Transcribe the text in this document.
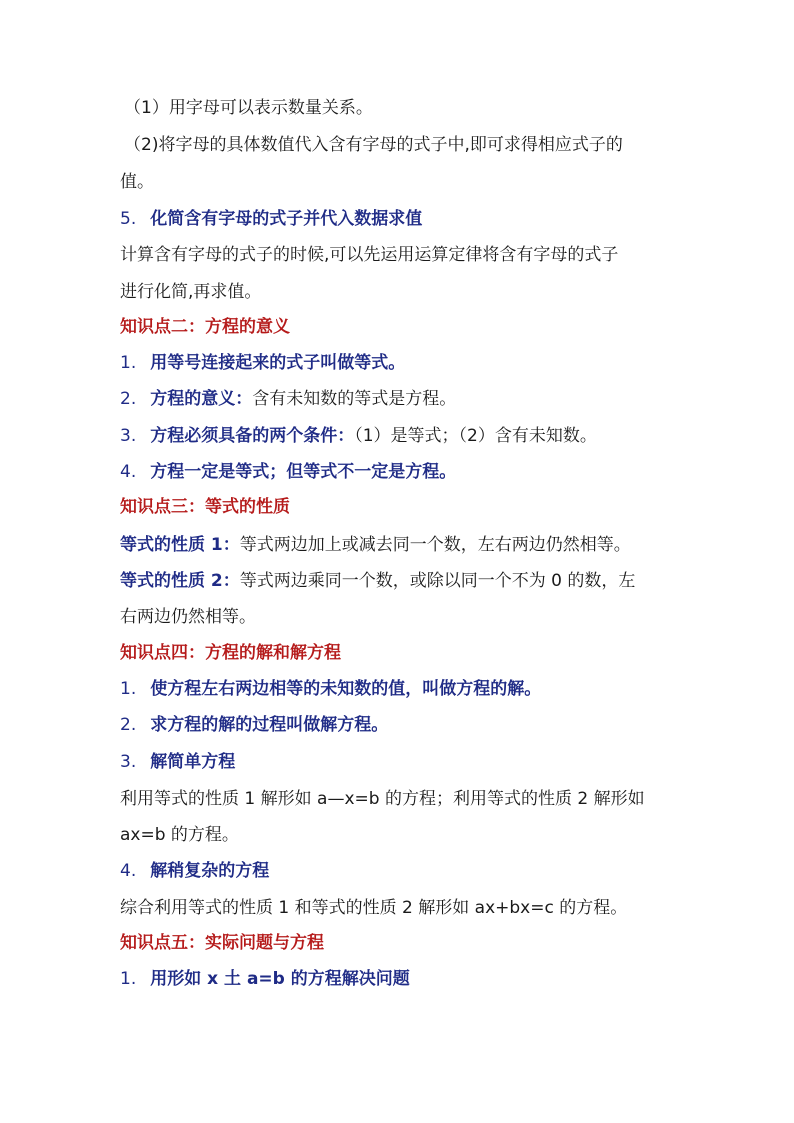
（1）用字母可以表示数量关系。
（2)将字母的具体数值代入含有字母的式子中,即可求得相应式子的
值。
5. 化简含有字母的式子并代入数据求值
计算含有字母的式子的时候,可以先运用运算定律将含有字母的式子
进行化简,再求值。
知识点二：方程的意义
1. 用等号连接起来的式子叫做等式。
2. 方程的意义：含有未知数的等式是方程。
3. 方程必须具备的两个条件：（1）是等式；（2）含有未知数。
4. 方程一定是等式；但等式不一定是方程。
知识点三：等式的性质
等式的性质 1：等式两边加上或减去同一个数，左右两边仍然相等。
等式的性质 2：等式两边乘同一个数，或除以同一个不为 0 的数，左
右两边仍然相等。
知识点四：方程的解和解方程
1. 使方程左右两边相等的未知数的值，叫做方程的解。
2. 求方程的解的过程叫做解方程。
3. 解简单方程
利用等式的性质 1 解形如 a—x=b 的方程；利用等式的性质 2 解形如
ax=b 的方程。
4. 解稍复杂的方程
综合利用等式的性质 1 和等式的性质 2 解形如 ax+bx=c 的方程。
知识点五：实际问题与方程
1. 用形如 x 土 a=b 的方程解决问题
